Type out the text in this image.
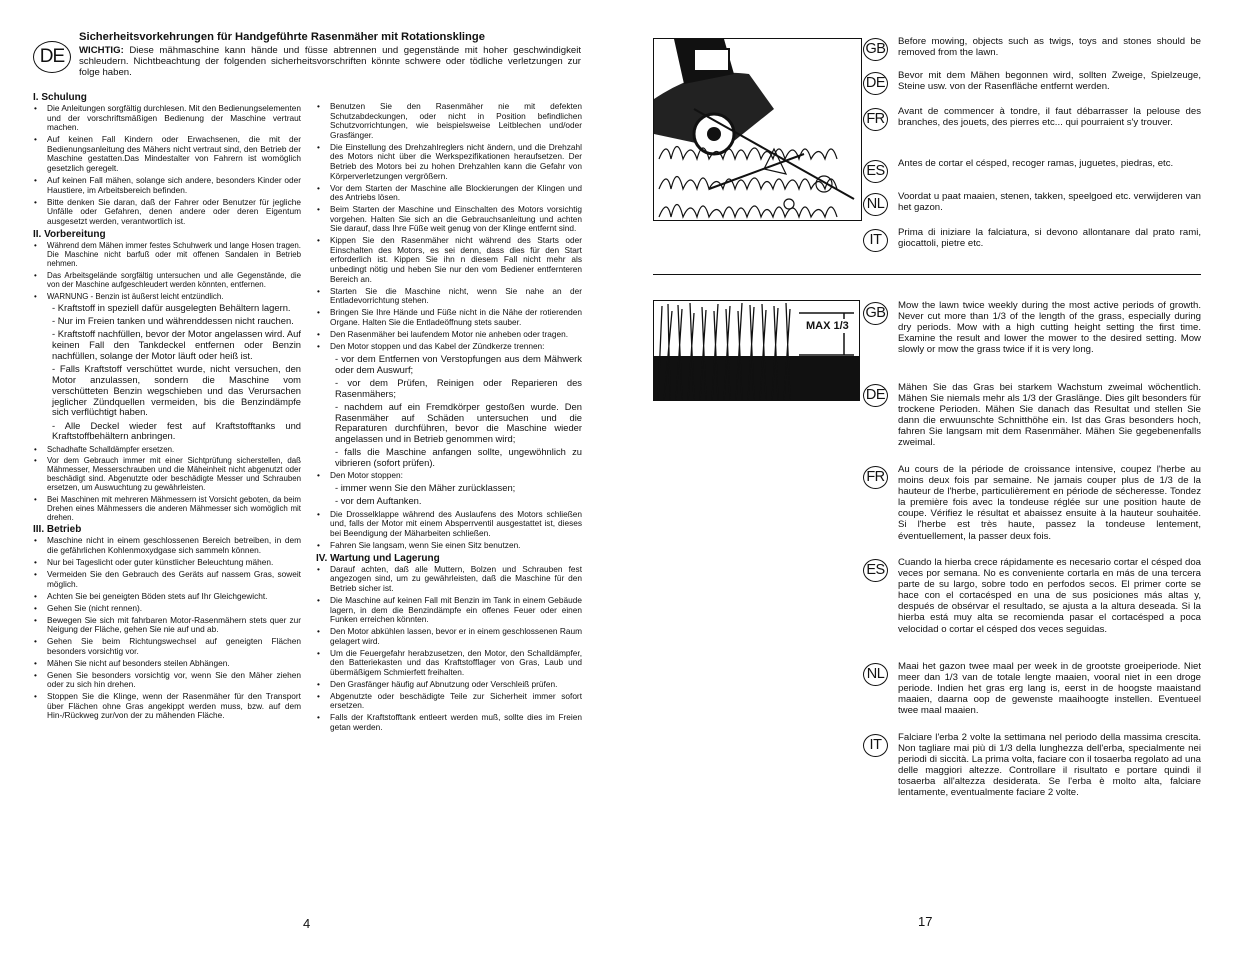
DE
Sicherheitsvorkehrungen für Handgeführte Rasenmäher mit Rotationsklinge
WICHTIG: Diese mähmaschine kann hände und füsse abtrennen und gegenstände mit hoher geschwindigkeit schleudern. Nichtbeachtung der folgenden sicherheitsvorschriften könnte schwere oder tödliche verletzungen zur folge haben.
I. Schulung
• Die Anleitungen sorgfältig durchlesen. Mit den Bedienungselementen und der vorschriftsmäßigen Bedienung der Maschine vertraut machen.
• Auf keinen Fall Kindern oder Erwachsenen, die mit der Bedienungsanleitung des Mähers nicht vertraut sind, den Betrieb der Maschine gestatten.Das Mindestalter von Fahrern ist womöglich gesetzlich geregelt.
• Auf keinen Fall mähen, solange sich andere, besonders Kinder oder Haustiere, im Arbeitsbereich befinden.
• Bitte denken Sie daran, daß der Fahrer oder Benutzer für jegliche Unfälle oder Gefahren, denen andere oder deren Eigentum ausgesetzt werden, verantwortlich ist.
II. Vorbereitung
• Während dem Mähen immer festes Schuhwerk und lange Hosen tragen. Die Maschine nicht barfuß oder mit offenen Sandalen in Betrieb nehmen.
• Das Arbeitsgelände sorgfältig untersuchen und alle Gegenstände, die von der Maschine aufgeschleudert werden könnten, entfernen.
• WARNUNG - Benzin ist äußerst leicht entzündlich.
- Kraftstoff in speziell dafür ausgelegten Behältern lagern.
- Nur im Freien tanken und währenddessen nicht rauchen.
- Kraftstoff nachfüllen, bevor der Motor angelassen wird. Auf keinen Fall den Tankdeckel entfernen oder Benzin nachfüllen, solange der Motor läuft oder heiß ist.
- Falls Kraftstoff verschüttet wurde, nicht versuchen, den Motor anzulassen, sondern die Maschine vom verschütteten Benzin wegschieben und das Verursachen jeglicher Zündquellen vermeiden, bis die Benzindämpfe sich verflüchtigt haben.
- Alle Deckel wieder fest auf Kraftstofftanks und Kraftstoffbehältern anbringen.
• Schadhafte Schalldämpfer ersetzen.
• Vor dem Gebrauch immer mit einer Sichtprüfung sicherstellen, daß Mähmesser, Messerschrauben und die Mäheinheit nicht abgenutzt oder beschädigt sind. Abgenutzte oder beschädigte Messer und Schrauben ersetzen, um Auswuchtung zu gewährleisten.
• Bei Maschinen mit mehreren Mähmessern ist Vorsicht geboten, da beim Drehen eines Mähmessers die anderen Mähmesser sich womöglich mit drehen.
III. Betrieb
• Maschine nicht in einem geschlossenen Bereich betreiben, in dem die gefährlichen Kohlenmoxydgase sich sammeln können.
• Nur bei Tageslicht oder guter künstlicher Beleuchtung mähen.
• Vermeiden Sie den Gebrauch des Geräts auf nassem Gras, soweit möglich.
• Achten Sie bei geneigten Böden stets auf Ihr Gleichgewicht.
• Gehen Sie (nicht rennen).
• Bewegen Sie sich mit fahrbaren Motor-Rasenmähern stets quer zur Neigung der Fläche, gehen Sie nie auf und ab.
• Gehen Sie beim Richtungswechsel auf geneigten Flächen besonders vorsichtig vor.
• Mähen Sie nicht auf besonders steilen Abhängen.
• Genen Sie besonders vorsichtig vor, wenn Sie den Mäher ziehen oder zu sich hin drehen.
• Stoppen Sie die Klinge, wenn der Rasenmäher für den Transport über Flächen ohne Gras angekippt werden muss, bzw. auf dem Hin-/Rückweg zur/von der zu mähenden Fläche.
• Benutzen Sie den Rasenmäher nie mit defekten Schutzabdeckungen, oder nicht in Position befindlichen Schutzvorrichtungen, wie beispielsweise Leitblechen und/oder Grasfänger.
• Die Einstellung des Drehzahlreglers nicht ändern, und die Drehzahl des Motors nicht über die Werkspezifikationen heraufsetzen. Der Betrieb des Motors bei zu hohen Drehzahlen kann die Gefahr von Körperverletzungen vergrößern.
• Vor dem Starten der Maschine alle Blockierungen der Klingen und des Antriebs lösen.
• Beim Starten der Maschine und Einschalten des Motors vorsichtig vorgehen. Halten Sie sich an die Gebrauchsanleitung und achten Sie darauf, dass Ihre Füße weit genug von der Klinge entfernt sind.
• Kippen Sie den Rasenmäher nicht während des Starts oder Einschalten des Motors, es sei denn, dass dies für den Start erforderlich ist. Kippen Sie ihn n diesem Fall nicht mehr als unbedingt nötig und heben Sie nur den vom Bediener entfernteren Bereich an.
• Starten Sie die Maschine nicht, wenn Sie nahe an der Entladevorrichtung stehen.
• Bringen Sie Ihre Hände und Füße nicht in die Nähe der rotierenden Organe. Halten Sie die Entladeöffnung stets sauber.
• Den Rasenmäher bei laufendem Motor nie anheben oder tragen.
• Den Motor stoppen und das Kabel der Zündkerze trennen:
- vor dem Entfernen von Verstopfungen aus dem Mähwerk oder dem Auswurf;
- vor dem Prüfen, Reinigen oder Reparieren des Rasenmähers;
- nachdem auf ein Fremdkörper gestoßen wurde. Den Rasenmäher auf Schäden untersuchen und die Reparaturen durchführen, bevor die Maschine wieder angelassen und in Betrieb genommen wird;
- falls die Maschine anfangen sollte, ungewöhnlich zu vibrieren (sofort prüfen).
• Den Motor stoppen:
- immer wenn Sie den Mäher zurücklassen;
- vor dem Auftanken.
• Die Drosselklappe während des Auslaufens des Motors schließen und, falls der Motor mit einem Absperrventil ausgestattet ist, dieses bei Beendigung der Mäharbeiten schließen.
• Fahren Sie langsam, wenn Sie einen Sitz benutzen.
IV. Wartung und Lagerung
• Darauf achten, daß alle Muttern, Bolzen und Schrauben fest angezogen sind, um zu gewährleisten, daß die Maschine für den Betrieb sicher ist.
• Die Maschine auf keinen Fall mit Benzin im Tank in einem Gebäude lagern, in dem die Benzindämpfe ein offenes Feuer oder einen Funken erreichen könnten.
• Den Motor abkühlen lassen, bevor er in einem geschlossenen Raum gelagert wird.
• Um die Feuergefahr herabzusetzen, den Motor, den Schalldämpfer, den Batteriekasten und das Kraftstofflager von Gras, Laub und übermäßigem Schmierfett freihalten.
• Den Grasfänger häufig auf Abnutzung oder Verschleiß prüfen.
• Abgenutzte oder beschädigte Teile zur Sicherheit immer sofort ersetzen.
• Falls der Kraftstofftank entleert werden muß, sollte dies im Freien getan werden.
4
MAX 1/3
GB Before mowing, objects such as twigs, toys and stones should be removed from the lawn.
DE	Bevor mit dem Mähen begonnen wird, sollten Zweige, Spielzeuge, Steine usw. von der Rasenfläche entfernt werden.
FR	Avant de commencer à tondre, il faut débarrasser la pelouse des branches, des jouets, des pierres etc... qui pourraient s'y trouver.
ES	Antes de cortar el césped, recoger ramas, juguetes, piedras, etc.
NL	Voordat u paat maaien, stenen, takken, speelgoed etc. verwijderen van het gazon.
IT	Prima di iniziare la falciatura, si devono allontanare dal prato rami, giocattoli, pietre etc.
GB Mow the lawn twice weekly during the most active periods of growth. Never cut more than 1/3 of the length of the grass, especially during dry periods. Mow with a high cutting height setting the first time. Examine the result and lower the mower to the desired setting. Mow slowly or mow the grass twice if it is very long.
DE	Mähen Sie das Gras bei starkem Wachstum zweimal wöchentlich. Mähen Sie niemals mehr als 1/3 der Graslänge. Dies gilt besonders für trockene Perioden. Mähen Sie danach das Resultat und stellen Sie dann die erwuunschte Schnitthöhe ein. Ist das Gras besonders hoch, fahren Sie langsam mit dem Rasenmäher. Mähen Sie gegebenenfalls zweimal.
FR	Au cours de la période de croissance intensive, coupez l'herbe au moins deux fois par semaine. Ne jamais couper plus de 1/3 de la hauteur de l'herbe, particulièrement en période de sécheresse. Tondez la première fois avec la tondeuse réglée sur une position haute de coupe. Vérifiez le résultat et abaissez ensuite à la hauteur souhaitée. Si l'herbe est très haute, passez la tondeuse lentement, éventuellement, la passer deux fois.
ES	Cuando la hierba crece rápidamente es necesario cortar el césped doa veces por semana. No es conveniente cortarla en más de una tercera parte de su largo, sobre todo en perfodos secos. El primer corte se hace con el cortacésped en una de sus posiciones más altas y, después de obsérvar el resultado, se ajusta a la altura deseada. Si la hierba está muy alta se recomienda pasar el cortacésped a poca velocidad o cortar el césped dos veces seguidas.
NL	Maai het gazon twee maal per week in de grootste groeiperiode. Niet meer dan 1/3 van de totale lengte maaien, vooral niet in een droge periode. Indien het gras erg lang is, eerst in de hoogste maaistand maaien, daarna oop de gewenste maaihoogte instellen. Eventueel twee maal maaien.
IT	Falciare l'erba 2 volte la settimana nel periodo della massima crescita. Non tagliare mai più di 1/3 della lunghezza dell'erba, specialmente nei periodi di siccità. La prima volta, faciare con il tosaerba regolato ad una delle maggiori altezze. Controllare il risultato e portare quindi il tosaerba all'altezza desiderata. Se l'erba è molto alta, falciare lentamente, eventualmente faciare 2 volte.
17
